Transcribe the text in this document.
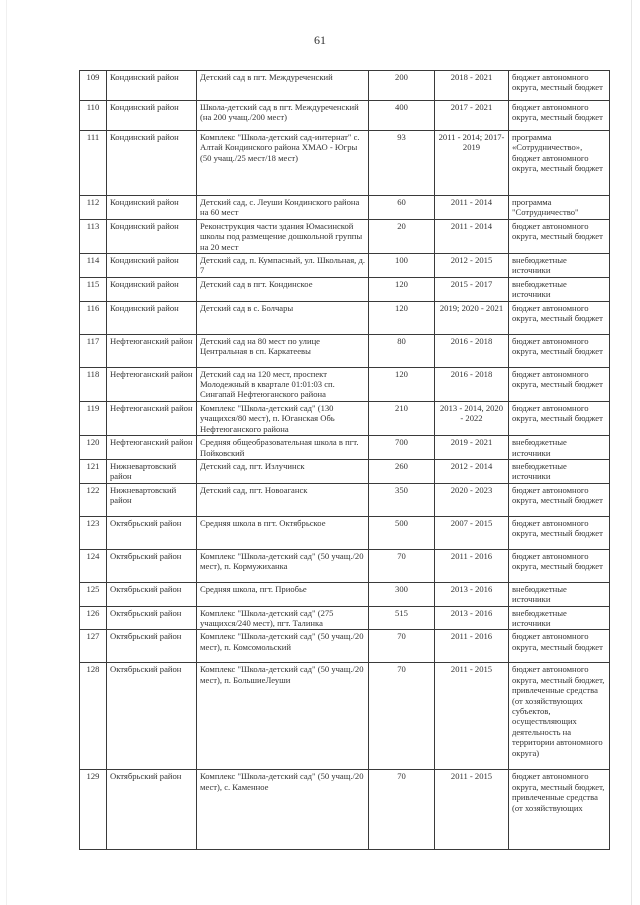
61
109	Кондинский район	Детский сад в пгт. Междуреченский	200	2018 - 2021	бюджет автономного округа, местный бюджет
110	Кондинский район	Школа-детский сад в пгт. Междуреченский (на 200 учащ./200 мест)	400	2017 - 2021	бюджет автономного округа, местный бюджет
111	Кондинский район	Комплекс "Школа-детский сад-интернат" с. Алтай Кондинского района ХМАО - Югры (50 учащ./25 мест/18 мест)	93	2011 - 2014; 2017-2019	программа «Сотрудничество», бюджет автономного округа, местный бюджет
112	Кондинский район	Детский сад, с. Леуши Кондинского района на 60 мест	60	2011 - 2014	программа "Сотрудничество"
113	Кондинский район	Реконструкция части здания Юмасинской школы под размещение дошкольной группы на 20 мест	20	2011 - 2014	бюджет автономного округа, местный бюджет
114	Кондинский район	Детский сад, п. Кумпасный, ул. Школьная, д. 7	100	2012 - 2015	внебюджетные источники
115	Кондинский район	Детский сад в пгт. Кондинское	120	2015 - 2017	внебюджетные источники
116	Кондинский район	Детский сад в с. Болчары	120	2019; 2020 - 2021	бюджет автономного округа, местный бюджет
117	Нефтеюганский район	Детский сад на 80 мест по улице Центральная в сп. Каркатеевы	80	2016 - 2018	бюджет автономного округа, местный бюджет
118	Нефтеюганский район	Детский сад на 120 мест, проспект Молодежный в квартале 01:01:03 сп. Сингапай Нефтеюганского района	120	2016 - 2018	бюджет автономного округа, местный бюджет
119	Нефтеюганский район	Комплекс "Школа-детский сад" (130 учащихся/80 мест), п. Юганская Обь Нефтеюганского района	210	2013 - 2014, 2020 - 2022	бюджет автономного округа, местный бюджет
120	Нефтеюганский район	Средняя общеобразовательная школа в пгт. Пойковский	700	2019 - 2021	внебюджетные источники
121	Нижневартовский район	Детский сад, пгт. Излучинск	260	2012 - 2014	внебюджетные источники
122	Нижневартовский район	Детский сад, пгт. Новоаганск	350	2020 - 2023	бюджет автономного округа, местный бюджет
123	Октябрьский район	Средняя школа в пгт. Октябрьское	500	2007 - 2015	бюджет автономного округа, местный бюджет
124	Октябрьский район	Комплекс "Школа-детский сад" (50 учащ./20 мест), п. Кормужиханка	70	2011 - 2016	бюджет автономного округа, местный бюджет
125	Октябрьский район	Средняя школа, пгт. Приобье	300	2013 - 2016	внебюджетные источники
126	Октябрьский район	Комплекс "Школа-детский сад" (275 учащихся/240 мест), пгт. Талинка	515	2013 - 2016	внебюджетные источники
127	Октябрьский район	Комплекс "Школа-детский сад" (50 учащ./20 мест), п. Комсомольский	70	2011 - 2016	бюджет автономного округа, местный бюджет
128	Октябрьский район	Комплекс "Школа-детский сад" (50 учащ./20 мест), п. БольшиеЛеуши	70	2011 - 2015	бюджет автономного округа, местный бюджет, привлеченные средства (от хозяйствующих субъектов, осуществляющих деятельность на территории автономного округа)
129	Октябрьский район	Комплекс "Школа-детский сад" (50 учащ./20 мест), с. Каменное	70	2011 - 2015	бюджет автономного округа, местный бюджет, привлеченные средства (от хозяйствующих
